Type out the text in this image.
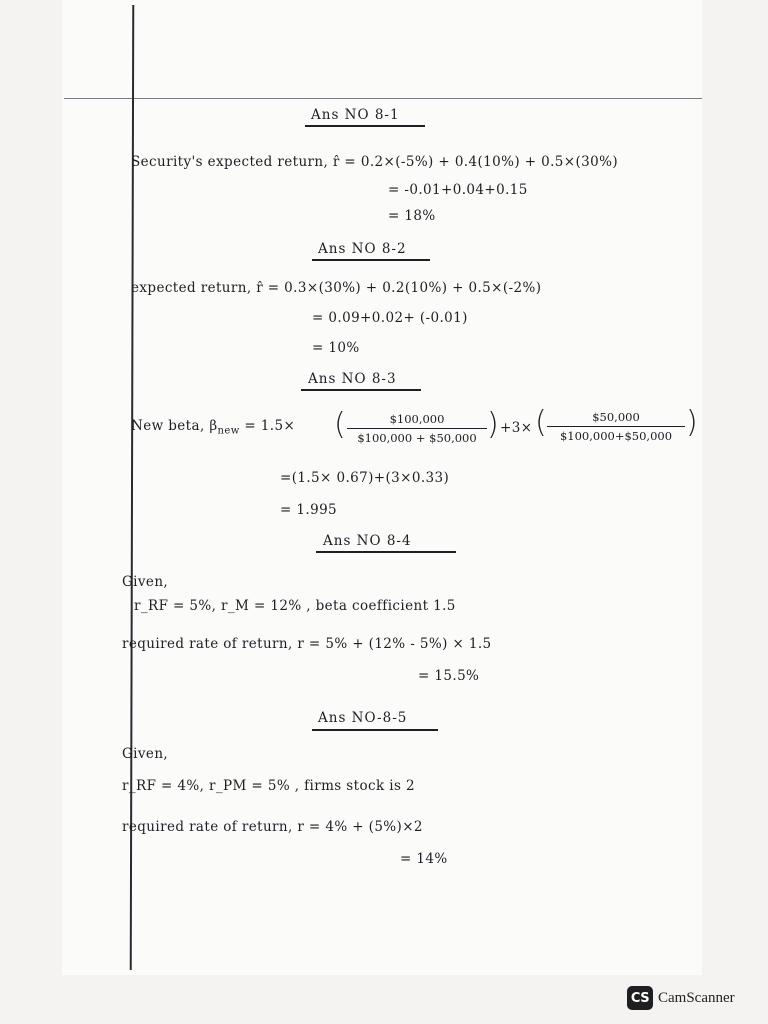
Ans NO 8-1
Security's expected return, r̂ = 0.2×(-5%) + 0.4(10%) + 0.5×(30%)
= -0.01+0.04+0.15
= 18%
Ans NO 8-2
expected return, r̂ = 0.3×(30%) + 0.2(10%) + 0.5×(-2%)
= 0.09+0.02+ (-0.01)
= 10%
Ans NO 8-3
New beta, $\beta_{new} = 1.5\times$ (	$100,000
$100,000 + $50,000 ) +3× (	$50,000
$100,000+$50,000 )
=(1.5× 0.67)+(3×0.33)
= 1.995
Ans NO 8-4
Given,
r_RF = 5%, r_M = 12% , beta coefficient 1.5
required rate of return, r = 5% + (12% - 5%) × 1.5
= 15.5%
Ans NO-8-5
Given,
r_RF = 4%, r_PM = 5% , firms stock is 2
required rate of return, r = 4% + (5%)×2
= 14%
CS CamScanner
